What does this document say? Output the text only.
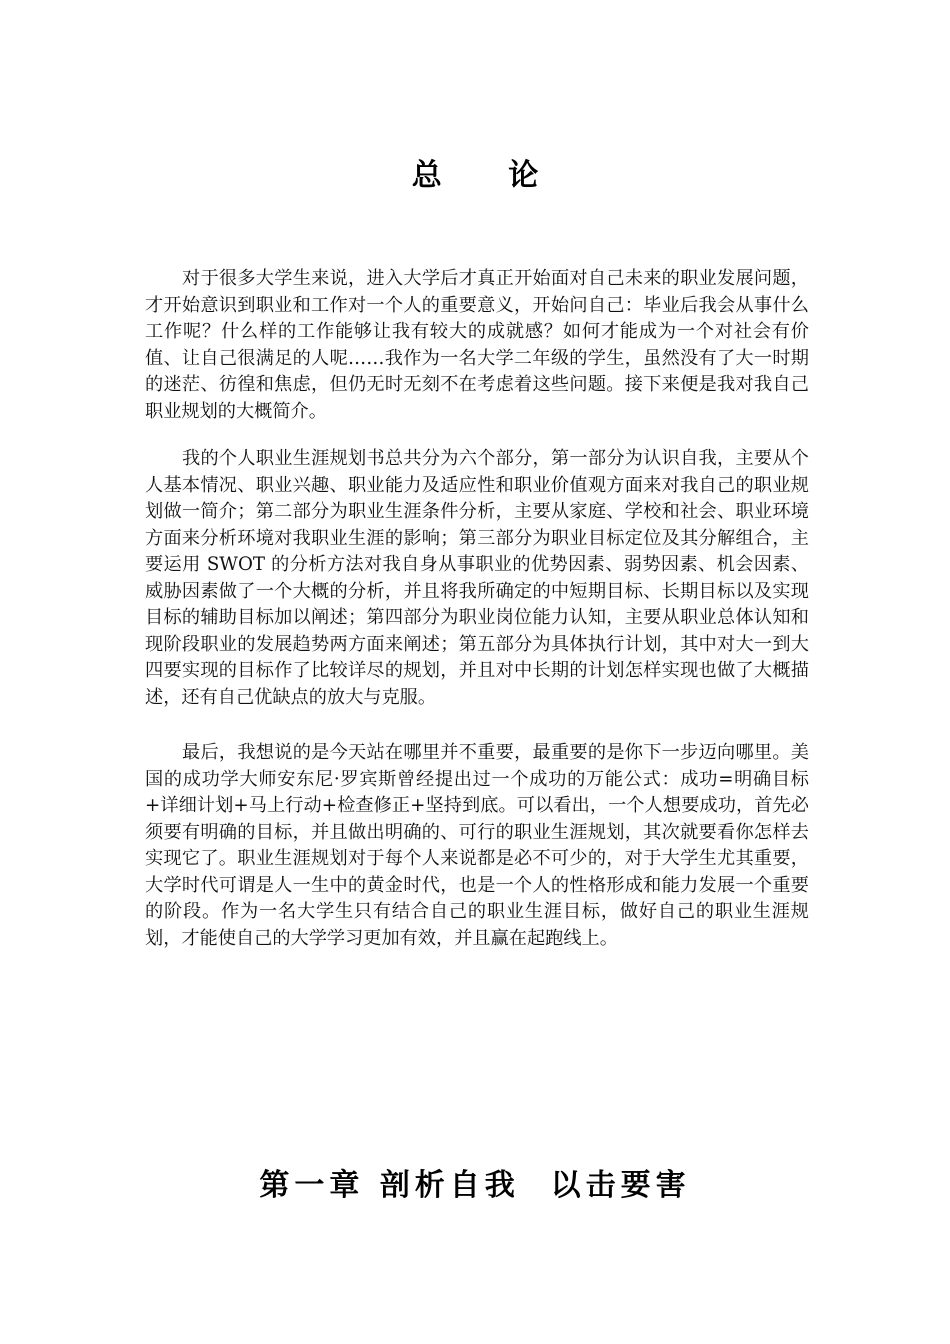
总 论

对于很多大学生来说，进入大学后才真正开始面对自己未来的职业发展问题，才开始意识到职业和工作对一个人的重要意义，开始问自己：毕业后我会从事什么工作呢？什么样的工作能够让我有较大的成就感？如何才能成为一个对社会有价值、让自己很满足的人呢……我作为一名大学二年级的学生，虽然没有了大一时期的迷茫、彷徨和焦虑，但仍无时无刻不在考虑着这些问题。接下来便是我对我自己职业规划的大概简介。

我的个人职业生涯规划书总共分为六个部分，第一部分为认识自我，主要从个人基本情况、职业兴趣、职业能力及适应性和职业价值观方面来对我自己的职业规划做一简介；第二部分为职业生涯条件分析，主要从家庭、学校和社会、职业环境方面来分析环境对我职业生涯的影响；第三部分为职业目标定位及其分解组合，主要运用 SWOT 的分析方法对我自身从事职业的优势因素、弱势因素、机会因素、威胁因素做了一个大概的分析，并且将我所确定的中短期目标、长期目标以及实现目标的辅助目标加以阐述；第四部分为职业岗位能力认知，主要从职业总体认知和现阶段职业的发展趋势两方面来阐述；第五部分为具体执行计划，其中对大一到大四要实现的目标作了比较详尽的规划，并且对中长期的计划怎样实现也做了大概描述，还有自己优缺点的放大与克服。

最后，我想说的是今天站在哪里并不重要，最重要的是你下一步迈向哪里。美国的成功学大师安东尼·罗宾斯曾经提出过一个成功的万能公式：成功=明确目标+详细计划+马上行动+检查修正+坚持到底。可以看出，一个人想要成功，首先必须要有明确的目标，并且做出明确的、可行的职业生涯规划，其次就要看你怎样去实现它了。职业生涯规划对于每个人来说都是必不可少的，对于大学生尤其重要，大学时代可谓是人一生中的黄金时代，也是一个人的性格形成和能力发展一个重要的阶段。作为一名大学生只有结合自己的职业生涯目标，做好自己的职业生涯规划，才能使自己的大学学习更加有效，并且赢在起跑线上。

第一章 剖析自我  以击要害
